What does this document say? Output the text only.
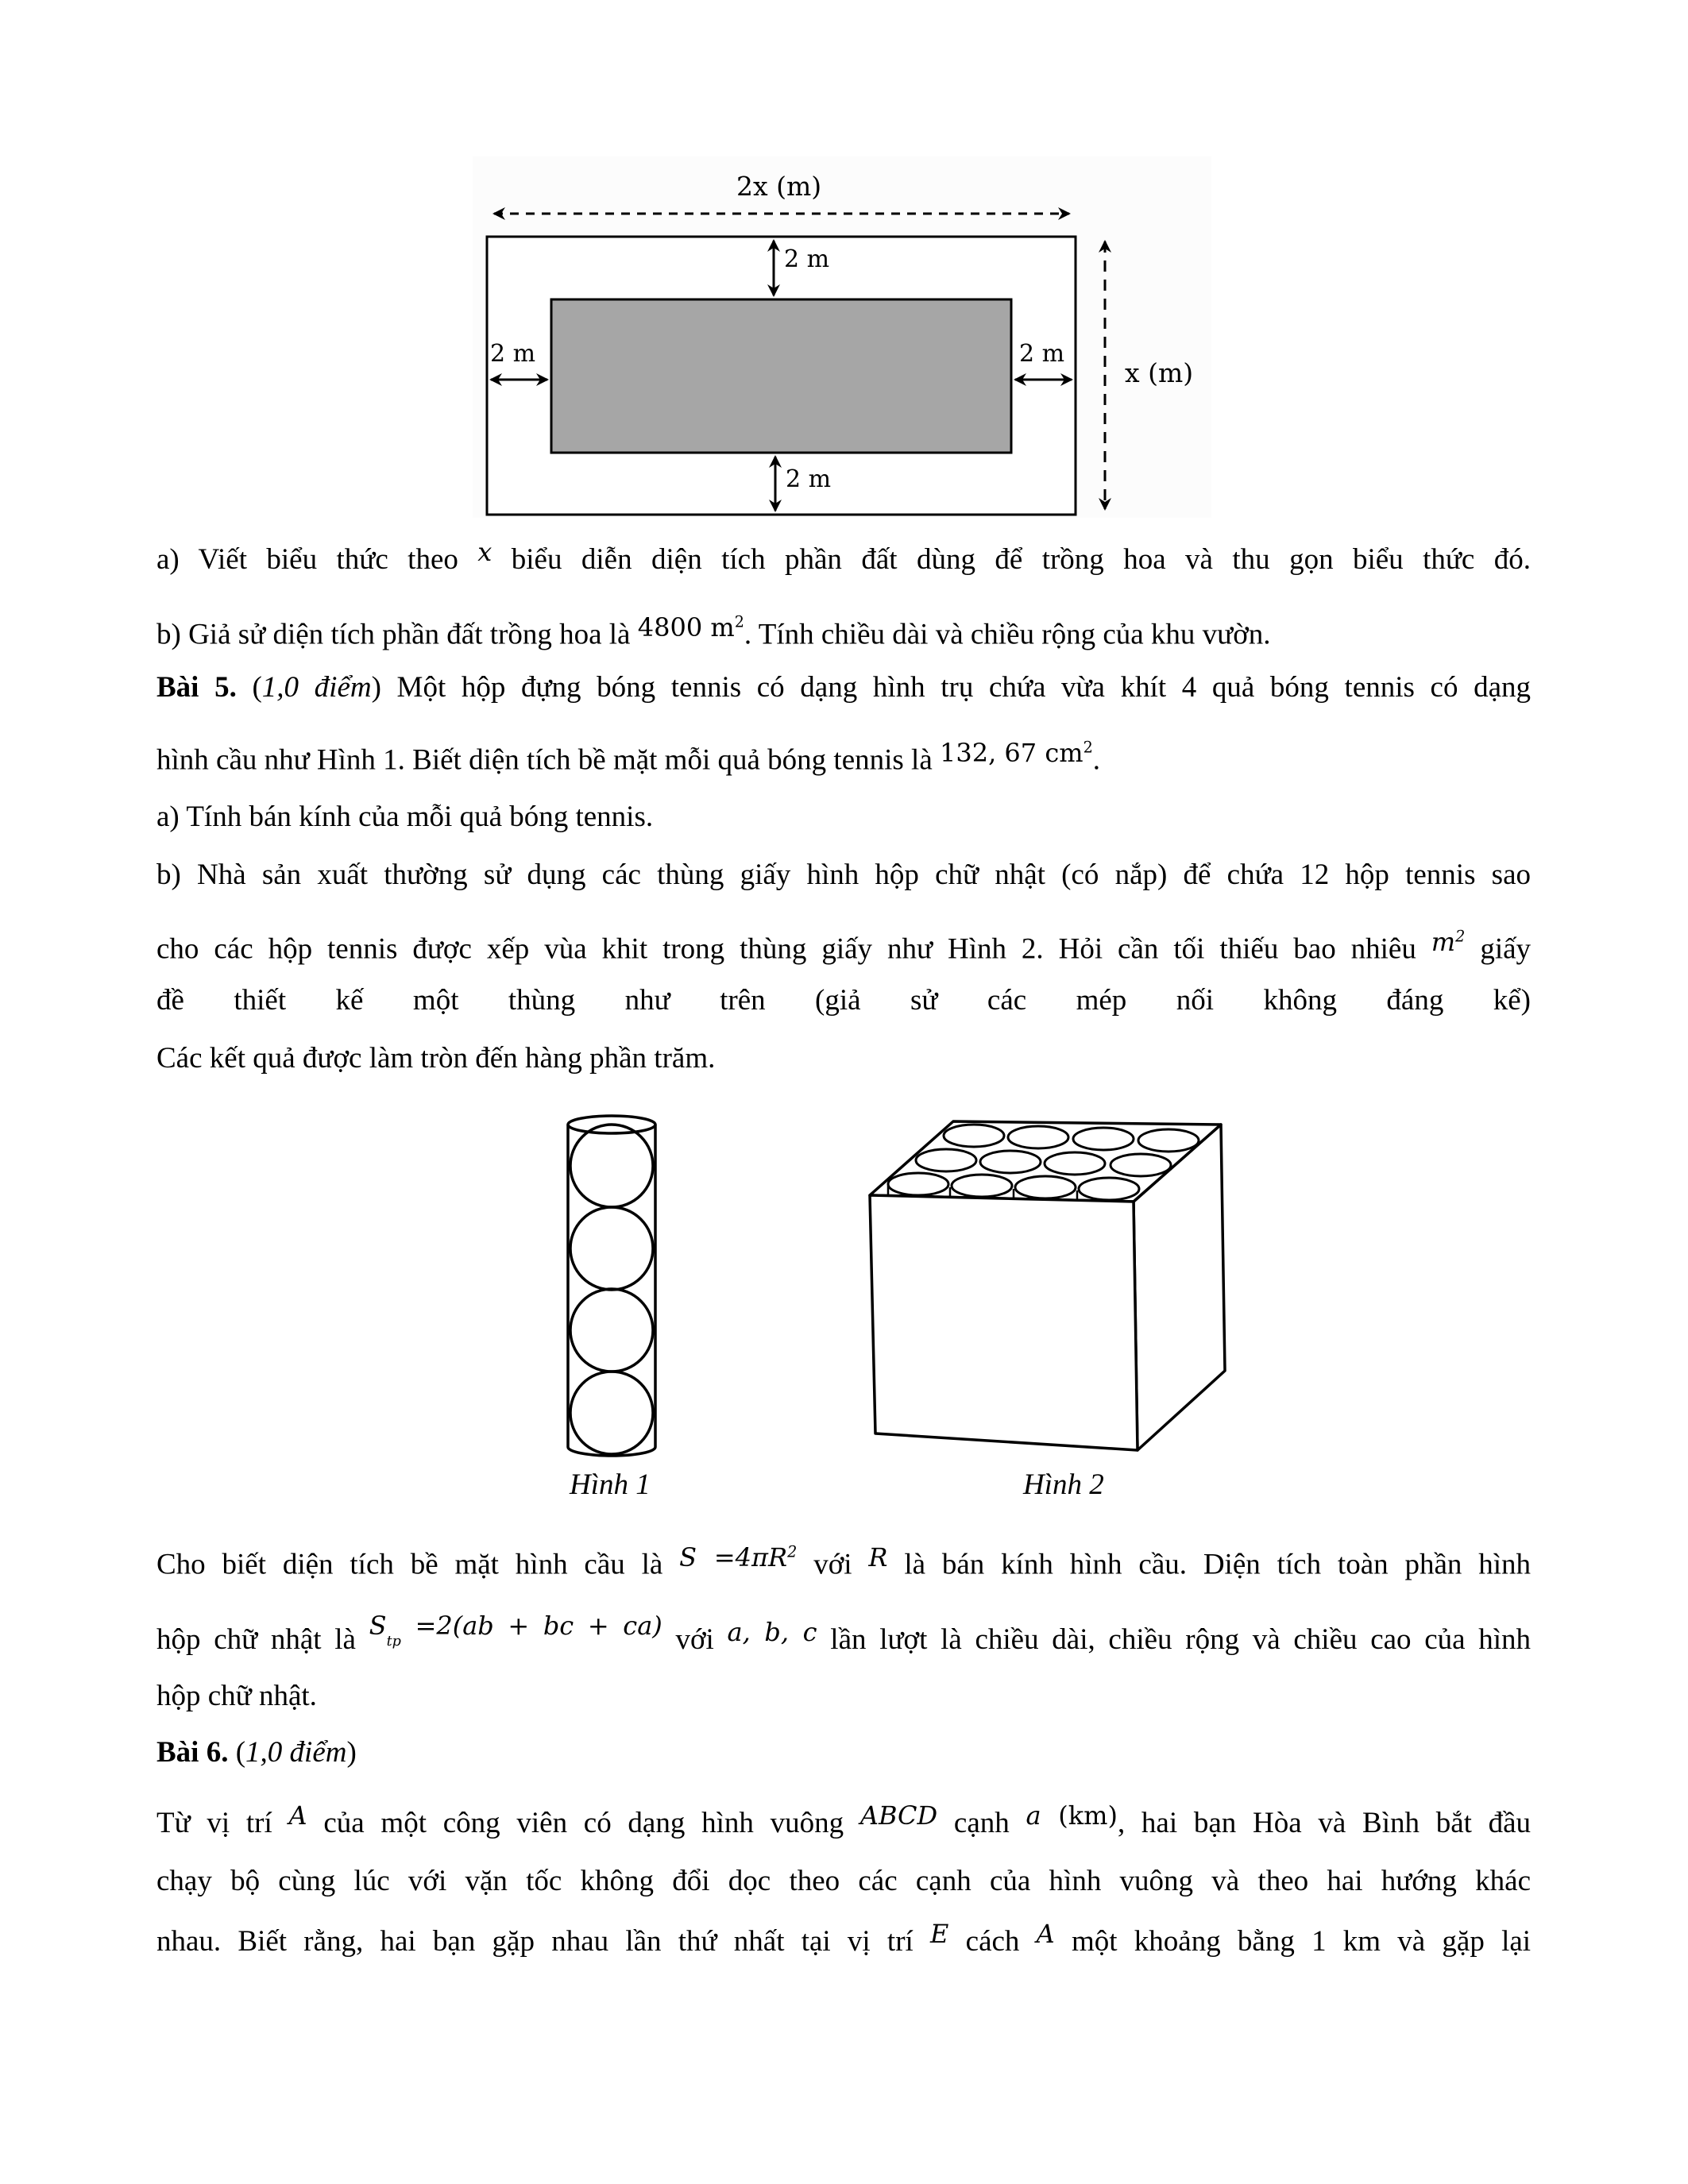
2x (m)
x (m)
2 m
2 m
2 m	2 m
a) Viết biểu thức theo x biểu diễn diện tích phần đất dùng để trồng hoa và thu gọn biểu thức đó.
b) Giả sử diện tích phần đất trồng hoa là 4800 $m^2$. Tính chiều dài và chiều rộng của khu vườn.
Bài 5. (1,0 điểm) Một hộp đựng bóng tennis có dạng hình trụ chứa vừa khít 4 quả bóng tennis có dạng
hình cầu như Hình 1. Biết diện tích bề mặt mỗi quả bóng tennis là 132, 67 $cm^2$.
a) Tính bán kính của mỗi quả bóng tennis.
b) Nhà sản xuất thường sử dụng các thùng giấy hình hộp chữ nhật (có nắp) để chứa 12 hộp tennis sao
cho các hộp tennis được xếp vùa khit trong thùng giấy như Hình 2. Hỏi cần tối thiếu bao nhiêu $m^2$ giấy
đề thiết kế một thùng như trên (giả sử các mép nối không đáng kể)
Các kết quả được làm tròn đến hàng phần trăm.
Hình 1	Hình 2
Cho biết diện tích bề mặt hình cầu là $S =4\pi R^2$ với R là bán kính hình cầu. Diện tích toàn phần hình
hộp chữ nhật là $S_{tp} =2(ab$ + bc + ca) với a, b, c lần lượt là chiều dài, chiều rộng và chiều cao của hình
hộp chữ nhật.
Bài 6. (1,0 điểm)
Từ vị trí A của một công viên có dạng hình vuông ABCD cạnh a (km), hai bạn Hòa và Bình bắt đầu
chạy bộ cùng lúc với vặn tốc không đổi dọc theo các cạnh của hình vuông và theo hai hướng khác
nhau. Biết rằng, hai bạn gặp nhau lần thứ nhất tại vị trí E cách A một khoảng bằng 1 km và gặp lại
